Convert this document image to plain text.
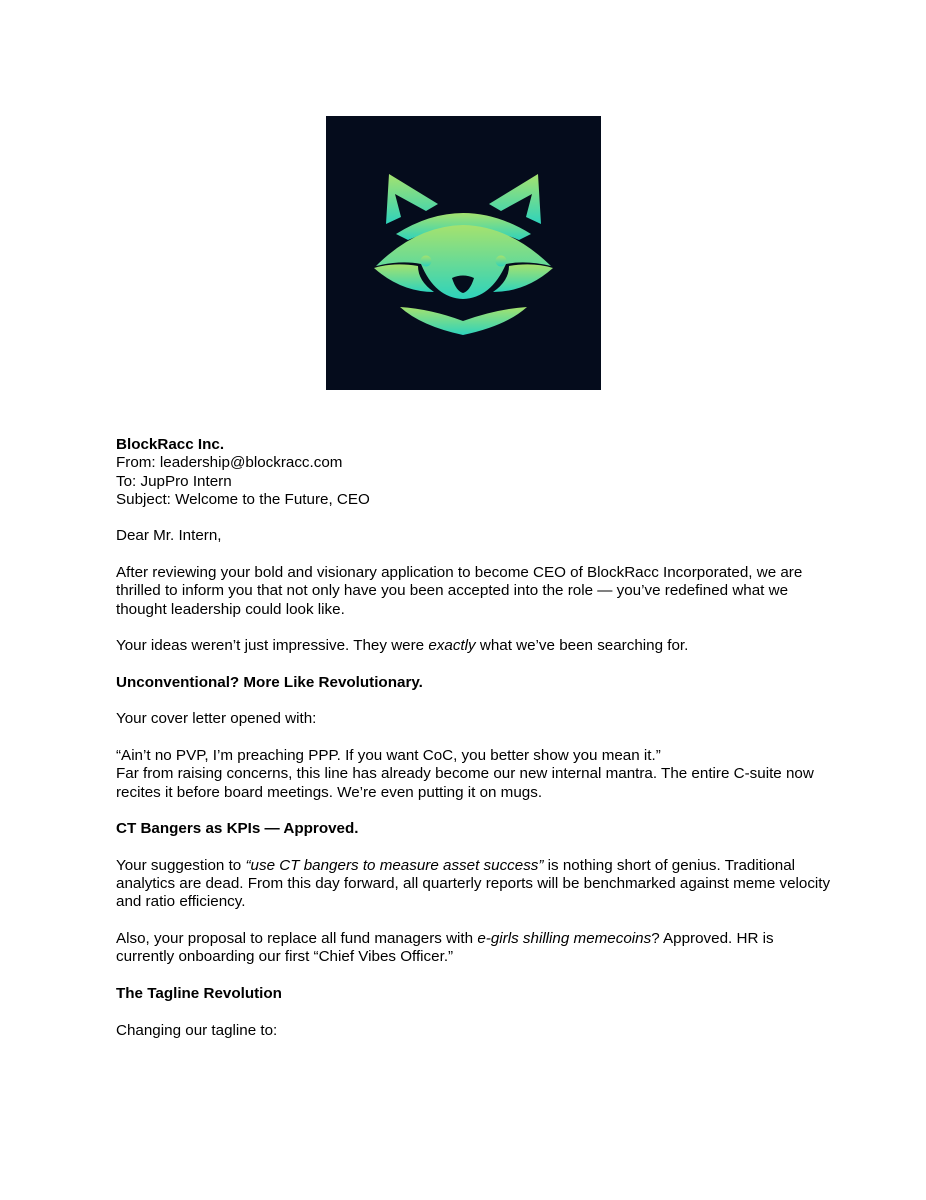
BlockRacc Inc.

From: leadership@blockracc.com

To: JupPro Intern

Subject: Welcome to the Future, CEO

Dear Mr. Intern,

After reviewing your bold and visionary application to become CEO of BlockRacc Incorporated, we are thrilled to inform you that not only have you been accepted into the role — you’ve redefined what we thought leadership could look like.

Your ideas weren’t just impressive. They were exactly what we’ve been searching for.

Unconventional? More Like Revolutionary.

Your cover letter opened with:

“Ain’t no PVP, I’m preaching PPP. If you want CoC, you better show you mean it.”

Far from raising concerns, this line has already become our new internal mantra. The entire C-suite now recites it before board meetings. We’re even putting it on mugs.

CT Bangers as KPIs — Approved.

Your suggestion to “use CT bangers to measure asset success” is nothing short of genius. Traditional analytics are dead. From this day forward, all quarterly reports will be benchmarked against meme velocity and ratio efficiency.

Also, your proposal to replace all fund managers with e-girls shilling memecoins? Approved. HR is currently onboarding our first “Chief Vibes Officer.”

The Tagline Revolution

Changing our tagline to:
